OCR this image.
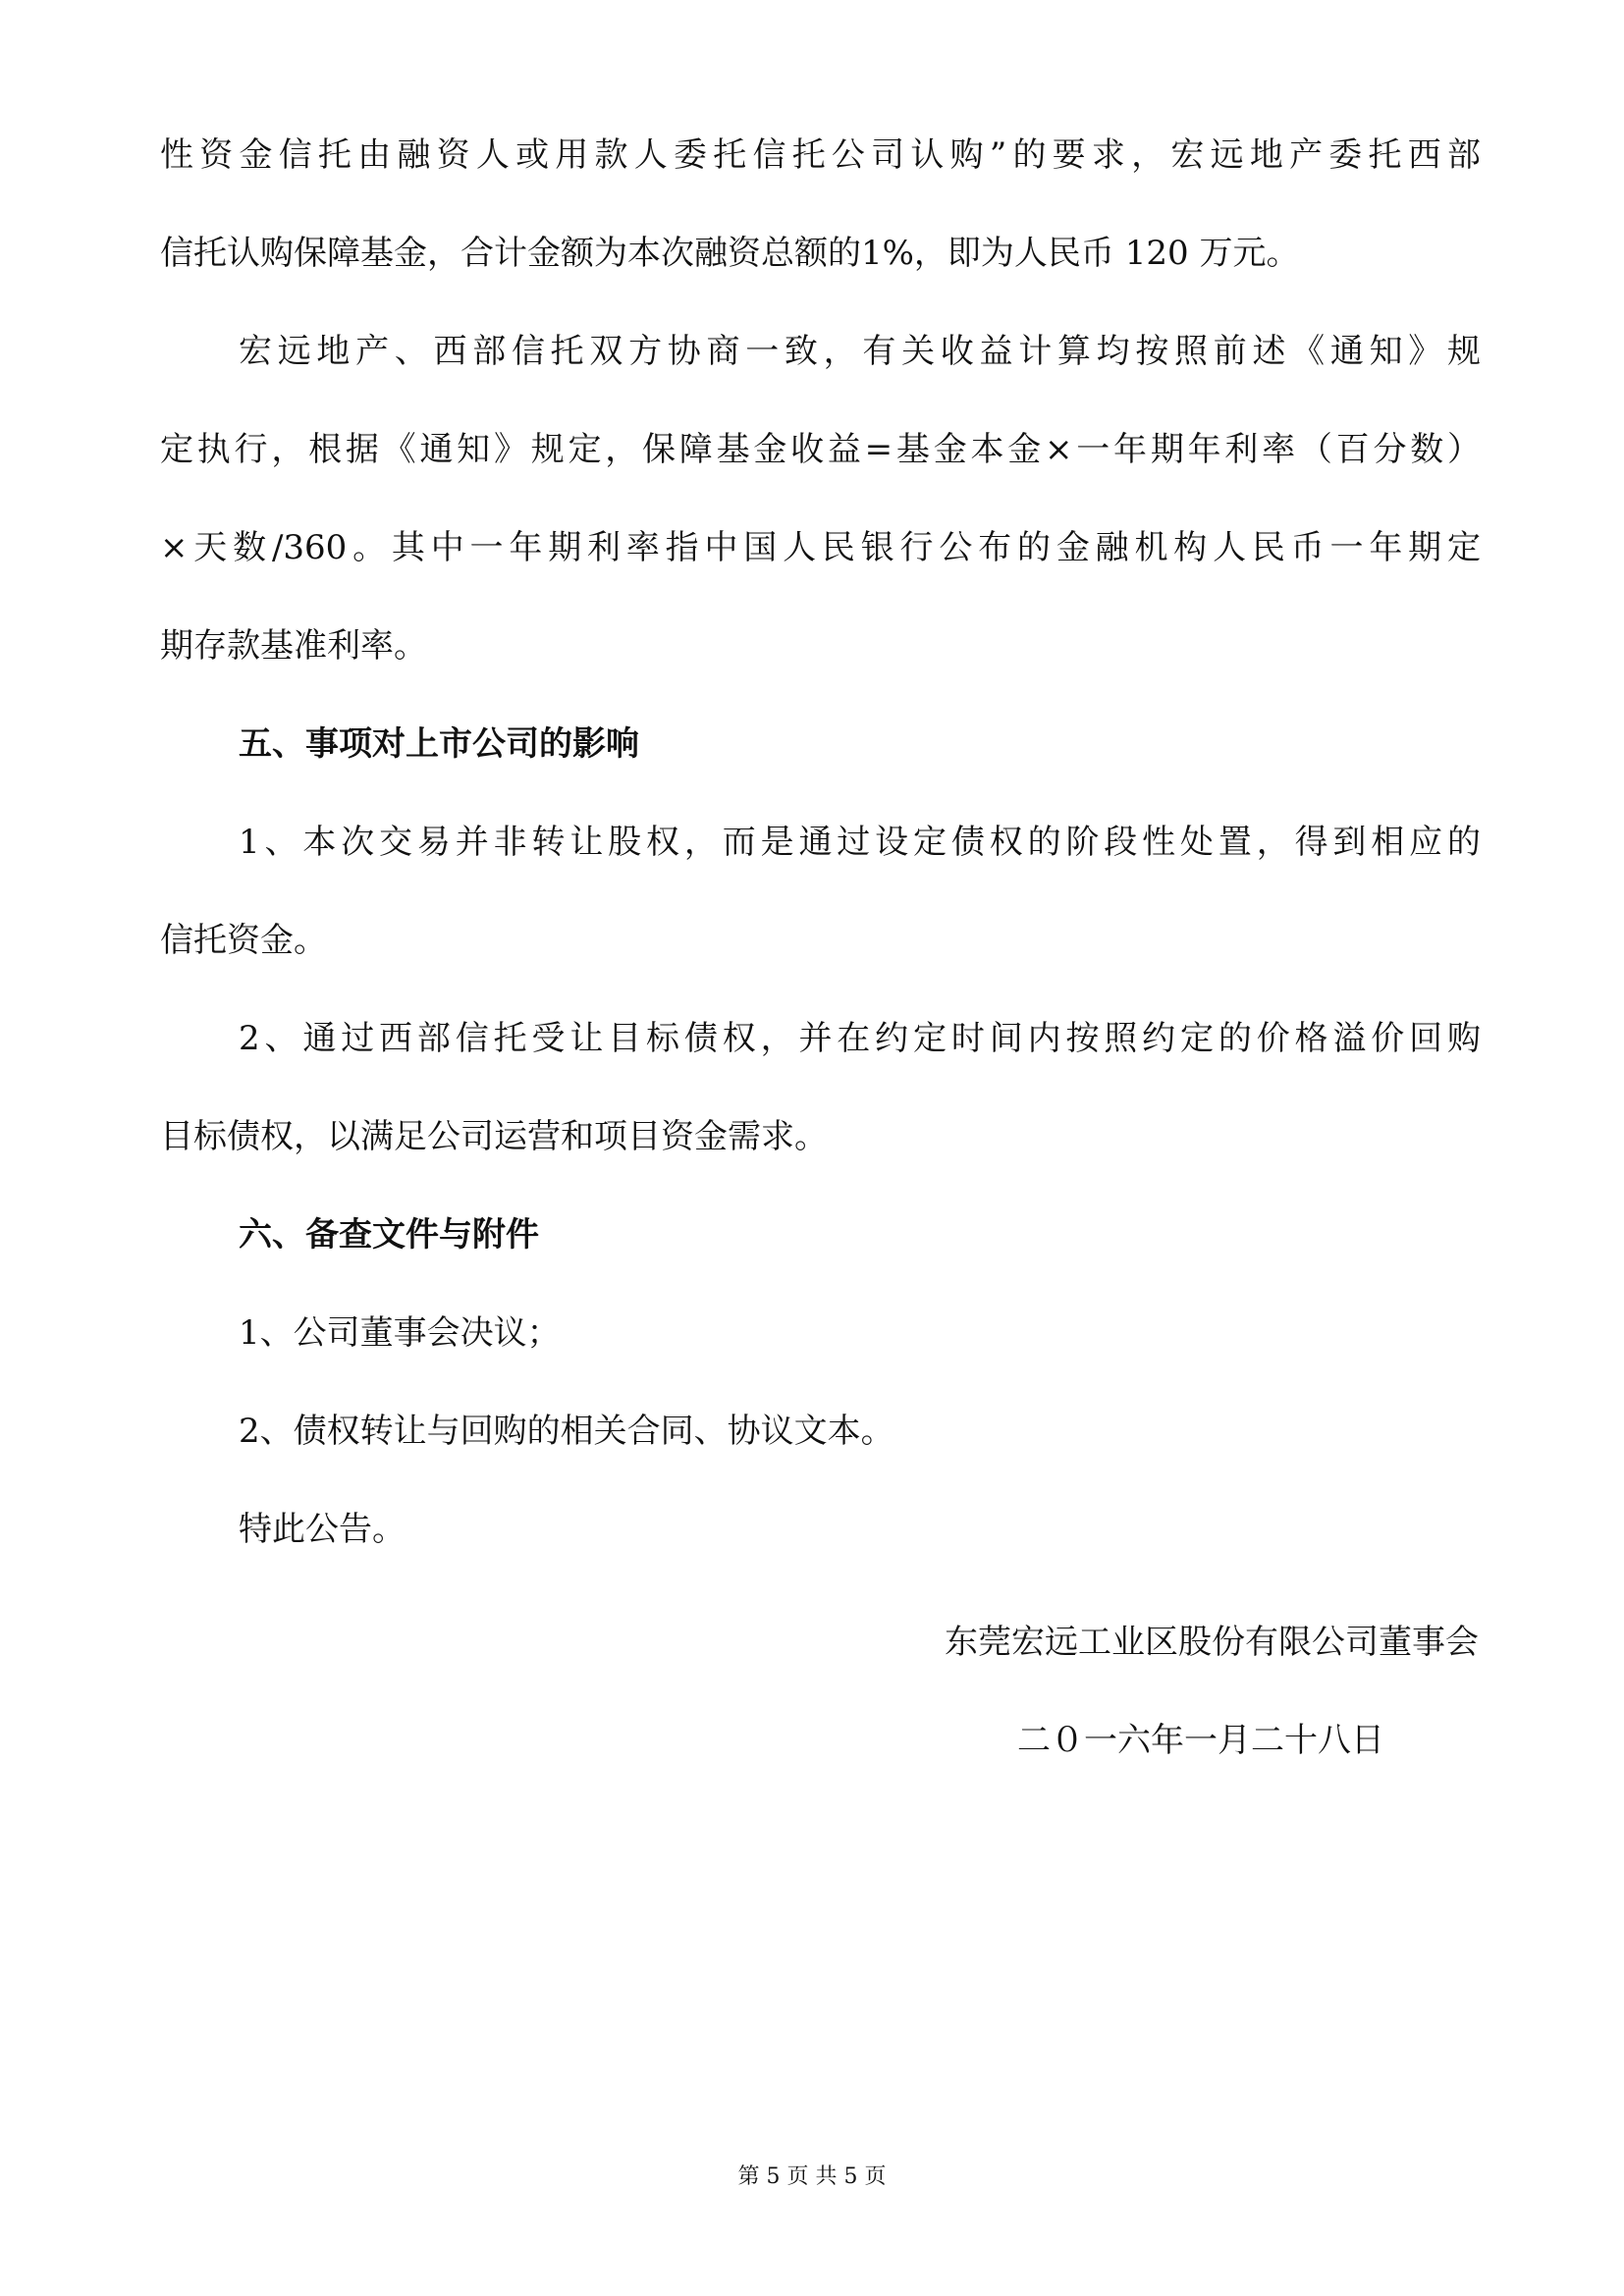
性资金信托由融资人或用款人委托信托公司认购”的要求，宏远地产委托西部
信托认购保障基金，合计金额为本次融资总额的1%，即为人民币 120 万元。
宏远地产、西部信托双方协商一致，有关收益计算均按照前述《通知》规
定执行，根据《通知》规定，保障基金收益=基金本金×一年期年利率（百分数）
×天数/360。其中一年期利率指中国人民银行公布的金融机构人民币一年期定
期存款基准利率。
五、事项对上市公司的影响
1、本次交易并非转让股权，而是通过设定债权的阶段性处置，得到相应的
信托资金。
2、通过西部信托受让目标债权，并在约定时间内按照约定的价格溢价回购
目标债权，以满足公司运营和项目资金需求。
六、备查文件与附件
1、公司董事会决议；
2、债权转让与回购的相关合同、协议文本。
特此公告。
东莞宏远工业区股份有限公司董事会
二０一六年一月二十八日
第 5 页 共 5 页
